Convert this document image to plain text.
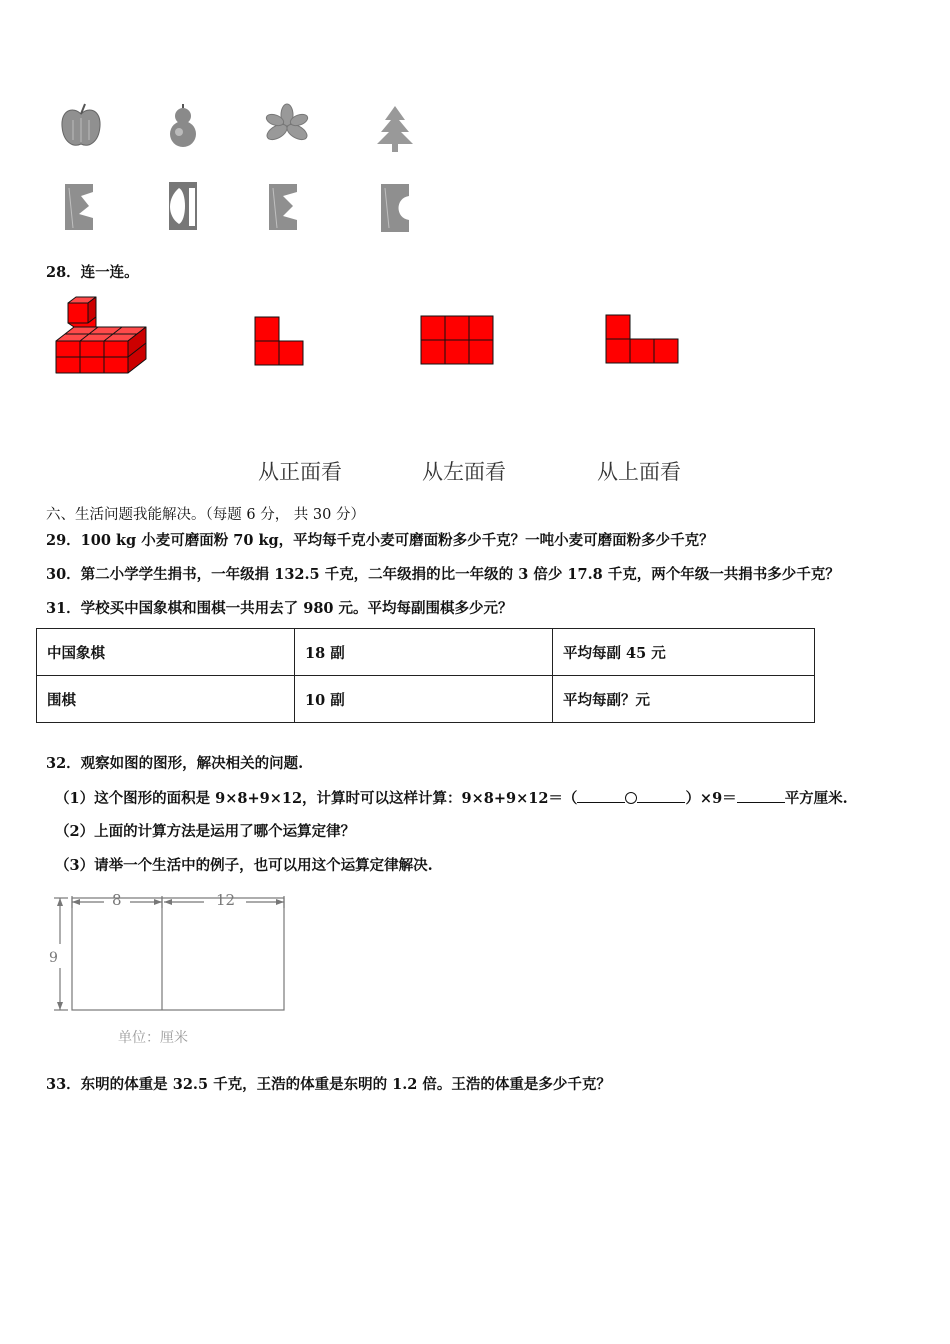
28．连一连。
从正面看	从左面看	从上面看
六、生活问题我能解决。（每题 6 分， 共 30 分）
29．100 kg 小麦可磨面粉 70 kg，平均每千克小麦可磨面粉多少千克？一吨小麦可磨面粉多少千克？
30．第二小学学生捐书，一年级捐 132.5 千克，二年级捐的比一年级的 3 倍少 17.8 千克，两个年级一共捐书多少千克？
31．学校买中国象棋和围棋一共用去了 980 元。平均每副围棋多少元？
中国象棋	18 副	平均每副 45 元
围棋	10 副	平均每副？元
32．观察如图的图形，解决相关的问题.
（1）这个图形的面积是 9×8+9×12，计算时可以这样计算：9×8+9×12＝（	）×9＝	平方厘米.
（2）上面的计算方法是运用了哪个运算定律？
（3）请举一个生活中的例子，也可以用这个运算定律解决.
8	12
9
单位：厘米
33．东明的体重是 32.5 千克，王浩的体重是东明的 1.2 倍。王浩的体重是多少千克？
